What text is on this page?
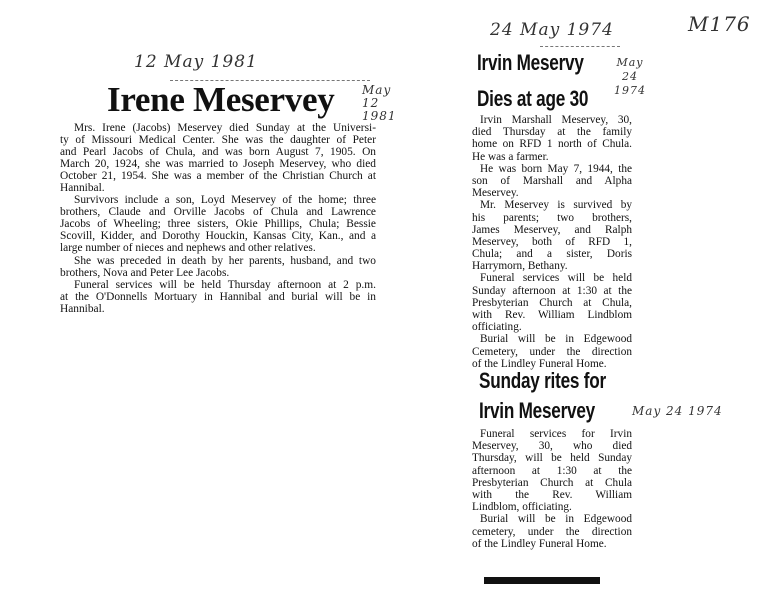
M176
12 May 1981
Irene Meservey May 12 1981
Mrs. Irene (Jacobs) Meservey died Sunday at the Universi-
ty of Missouri Medical Center. She was the daughter of Peter
and Pearl Jacobs of Chula, and was born August 7, 1905. On
March 20, 1924, she was married to Joseph Meservey, who died
October 21, 1954. She was a member of the Christian Church at
Hannibal.
Survivors include a son, Loyd Meservey of the home; three
brothers, Claude and Orville Jacobs of Chula and Lawrence
Jacobs of Wheeling; three sisters, Okie Phillips, Chula; Bessie
Scovill, Kidder, and Dorothy Houckin, Kansas City, Kan., and a
large number of nieces and nephews and other relatives.
She was preceded in death by her parents, husband, and two
brothers, Nova and Peter Lee Jacobs.
Funeral services will be held Thursday afternoon at 2 p.m.
at the O'Donnells Mortuary in Hannibal and burial will be in
Hannibal.
24 May 1974
Irvin Meservy
Dies at age 30
May 24 1974
Irvin Marshall Meservey, 30,
died Thursday at the family
home on RFD 1 north of Chula.
He was a farmer.
He was born May 7, 1944, the
son of Marshall and Alpha
Meservey.
Mr. Meservey is survived by
his parents; two brothers,
James Meservey, and Ralph
Meservey, both of RFD 1,
Chula; and a sister, Doris
Harrymorn, Bethany.
Funeral services will be held
Sunday afternoon at 1:30 at the
Presbyterian Church at Chula,
with Rev. William Lindblom
officiating.
Burial will be in Edgewood
Cemetery, under the direction
of the Lindley Funeral Home.
Sunday rites for
Irvin Meservey	May 24 1974
Funeral services for Irvin
Meservey, 30, who died
Thursday, will be held Sunday
afternoon at 1:30 at the
Presbyterian Church at Chula
with the Rev. William
Lindblom, officiating.
Burial will be in Edgewood
cemetery, under the direction
of the Lindley Funeral Home.
